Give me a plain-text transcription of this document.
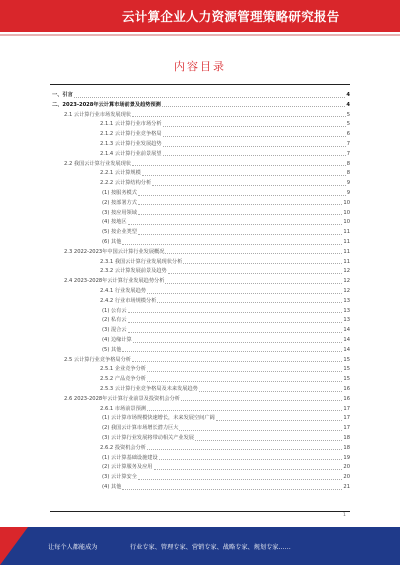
云计算企业人力资源管理策略研究报告
内容目录
一、引言	4
二、2023-2028年云计算市场前景及趋势预测	4
2.1 云计算行业市场发展现状	5
2.1.1 云计算行业市场分析	5
2.1.2 云计算行业竞争格局	6
2.1.3 云计算行业发展趋势	7
2.1.4 云计算行业前景展望	7
2.2 我国云计算行业发展现状	8
2.2.1 云计算规模	8
2.2.2 云计算结构分析	9
(1) 按服务模式	9
(2) 按部署方式	10
(3) 按应用领域	10
(4) 按地区	10
(5) 按企业类型	11
(6) 其他	11
2.3 2022-2023年中国云计算行业发展概况	11
2.3.1 我国云计算行业发展现状分析	11
2.3.2 云计算发展前景及趋势	12
2.4 2023-2028年云计算行业发展趋势分析	12
2.4.1 行业发展趋势	12
2.4.2 行业市场规模分析	13
(1) 公有云	13
(2) 私有云	13
(3) 混合云	14
(4) 边缘计算	14
(5) 其他	14
2.5 云计算行业竞争格局分析	15
2.5.1 企业竞争分析	15
2.5.2 产品竞争分析	15
2.5.3 云计算行业竞争格局及未来发展趋势	16
2.6 2023-2028年云计算行业前景及投资机会分析	16
2.6.1 市场前景预测	17
(1) 云计算市场规模快速增长，未来发展空间广阔	17
(2) 我国云计算市场增长潜力巨大	17
(3) 云计算行业发展将带动相关产业发展	18
2.6.2 投资机会分析	18
(1) 云计算基础设施建设	19
(2) 云计算服务及应用	20
(3) 云计算安全	20
(4) 其他	21
1
让每个人都能成为	行业专家、管理专家、营销专家、战略专家、规划专家……
